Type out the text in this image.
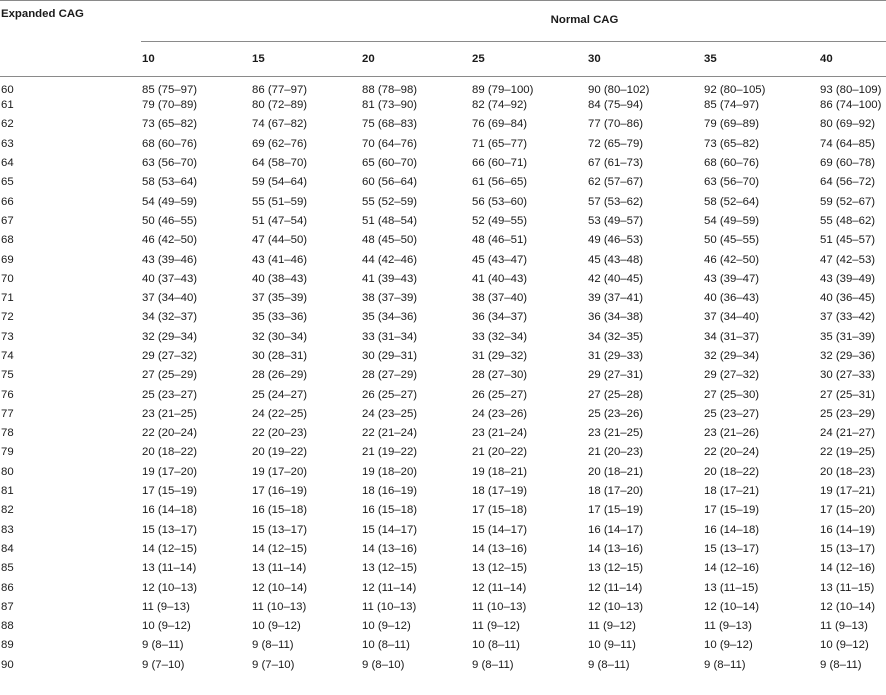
Expanded CAG	Normal CAG						
	10	15	20	25	30	35	40
60	85 (75–97)	86 (77–97)	88 (78–98)	89 (79–100)	90 (80–102)	92 (80–105)	93 (80–109)
61	79 (70–89)	80 (72–89)	81 (73–90)	82 (74–92)	84 (75–94)	85 (74–97)	86 (74–100)
62	73 (65–82)	74 (67–82)	75 (68–83)	76 (69–84)	77 (70–86)	79 (69–89)	80 (69–92)
63	68 (60–76)	69 (62–76)	70 (64–76)	71 (65–77)	72 (65–79)	73 (65–82)	74 (64–85)
64	63 (56–70)	64 (58–70)	65 (60–70)	66 (60–71)	67 (61–73)	68 (60–76)	69 (60–78)
65	58 (53–64)	59 (54–64)	60 (56–64)	61 (56–65)	62 (57–67)	63 (56–70)	64 (56–72)
66	54 (49–59)	55 (51–59)	55 (52–59)	56 (53–60)	57 (53–62)	58 (52–64)	59 (52–67)
67	50 (46–55)	51 (47–54)	51 (48–54)	52 (49–55)	53 (49–57)	54 (49–59)	55 (48–62)
68	46 (42–50)	47 (44–50)	48 (45–50)	48 (46–51)	49 (46–53)	50 (45–55)	51 (45–57)
69	43 (39–46)	43 (41–46)	44 (42–46)	45 (43–47)	45 (43–48)	46 (42–50)	47 (42–53)
70	40 (37–43)	40 (38–43)	41 (39–43)	41 (40–43)	42 (40–45)	43 (39–47)	43 (39–49)
71	37 (34–40)	37 (35–39)	38 (37–39)	38 (37–40)	39 (37–41)	40 (36–43)	40 (36–45)
72	34 (32–37)	35 (33–36)	35 (34–36)	36 (34–37)	36 (34–38)	37 (34–40)	37 (33–42)
73	32 (29–34)	32 (30–34)	33 (31–34)	33 (32–34)	34 (32–35)	34 (31–37)	35 (31–39)
74	29 (27–32)	30 (28–31)	30 (29–31)	31 (29–32)	31 (29–33)	32 (29–34)	32 (29–36)
75	27 (25–29)	28 (26–29)	28 (27–29)	28 (27–30)	29 (27–31)	29 (27–32)	30 (27–33)
76	25 (23–27)	25 (24–27)	26 (25–27)	26 (25–27)	27 (25–28)	27 (25–30)	27 (25–31)
77	23 (21–25)	24 (22–25)	24 (23–25)	24 (23–26)	25 (23–26)	25 (23–27)	25 (23–29)
78	22 (20–24)	22 (20–23)	22 (21–24)	23 (21–24)	23 (21–25)	23 (21–26)	24 (21–27)
79	20 (18–22)	20 (19–22)	21 (19–22)	21 (20–22)	21 (20–23)	22 (20–24)	22 (19–25)
80	19 (17–20)	19 (17–20)	19 (18–20)	19 (18–21)	20 (18–21)	20 (18–22)	20 (18–23)
81	17 (15–19)	17 (16–19)	18 (16–19)	18 (17–19)	18 (17–20)	18 (17–21)	19 (17–21)
82	16 (14–18)	16 (15–18)	16 (15–18)	17 (15–18)	17 (15–19)	17 (15–19)	17 (15–20)
83	15 (13–17)	15 (13–17)	15 (14–17)	15 (14–17)	16 (14–17)	16 (14–18)	16 (14–19)
84	14 (12–15)	14 (12–15)	14 (13–16)	14 (13–16)	14 (13–16)	15 (13–17)	15 (13–17)
85	13 (11–14)	13 (11–14)	13 (12–15)	13 (12–15)	13 (12–15)	14 (12–16)	14 (12–16)
86	12 (10–13)	12 (10–14)	12 (11–14)	12 (11–14)	12 (11–14)	13 (11–15)	13 (11–15)
87	11 (9–13)	11 (10–13)	11 (10–13)	11 (10–13)	12 (10–13)	12 (10–14)	12 (10–14)
88	10 (9–12)	10 (9–12)	10 (9–12)	11 (9–12)	11 (9–12)	11 (9–13)	11 (9–13)
89	9 (8–11)	9 (8–11)	10 (8–11)	10 (8–11)	10 (9–11)	10 (9–12)	10 (9–12)
90	9 (7–10)	9 (7–10)	9 (8–10)	9 (8–11)	9 (8–11)	9 (8–11)	9 (8–11)
